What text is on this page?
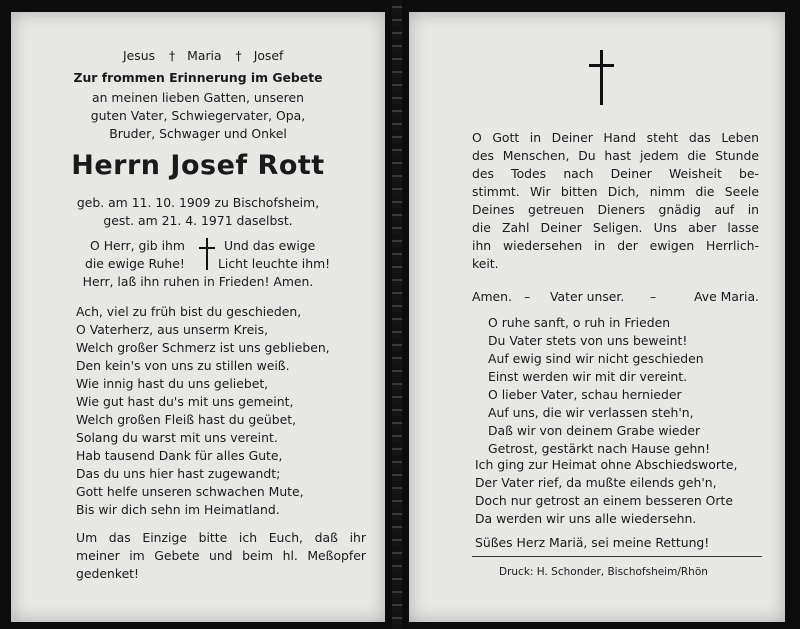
Jesus † Maria † Josef
Zur frommen Erinnerung im Gebete
an meinen lieben Gatten, unseren
guten Vater, Schwiegervater, Opa,
Bruder, Schwager und Onkel
Herrn Josef Rott
geb. am 11. 10. 1909 zu Bischofsheim,
gest. am 21. 4. 1971 daselbst.
O Herr, gib ihm
die ewige Ruhe!
Und das ewige
Licht leuchte ihm!
Herr, laß ihn ruhen in Frieden! Amen.
Ach, viel zu früh bist du geschieden,
O Vaterherz, aus unserm Kreis,
Welch großer Schmerz ist uns geblieben,
Den kein's von uns zu stillen weiß.
Wie innig hast du uns geliebet,
Wie gut hast du's mit uns gemeint,
Welch großen Fleiß hast du geübet,
Solang du warst mit uns vereint.
Hab tausend Dank für alles Gute,
Das du uns hier hast zugewandt;
Gott helfe unseren schwachen Mute,
Bis wir dich sehn im Heimatland.
Um das Einzige bitte ich Euch, daß ihr
meiner im Gebete und beim hl. Meßopfer
gedenket!
O Gott in Deiner Hand steht das Leben
des Menschen, Du hast jedem die Stunde
des Todes nach Deiner Weisheit be-
stimmt. Wir bitten Dich, nimm die Seele
Deines getreuen Dieners gnädig auf in
die Zahl Deiner Seligen. Uns aber lasse
ihn wiedersehen in der ewigen Herrlich-
keit.
Amen. – Vater unser. –	Ave Maria.
O ruhe sanft, o ruh in Frieden
Du Vater stets von uns beweint!
Auf ewig sind wir nicht geschieden
Einst werden wir mit dir vereint.
O lieber Vater, schau hernieder
Auf uns, die wir verlassen steh'n,
Daß wir von deinem Grabe wieder
Getrost, gestärkt nach Hause gehn!
Ich ging zur Heimat ohne Abschiedsworte,
Der Vater rief, da mußte eilends geh'n,
Doch nur getrost an einem besseren Orte
Da werden wir uns alle wiedersehn.
Süßes Herz Mariä, sei meine Rettung!
Druck: H. Schonder, Bischofsheim/Rhön
